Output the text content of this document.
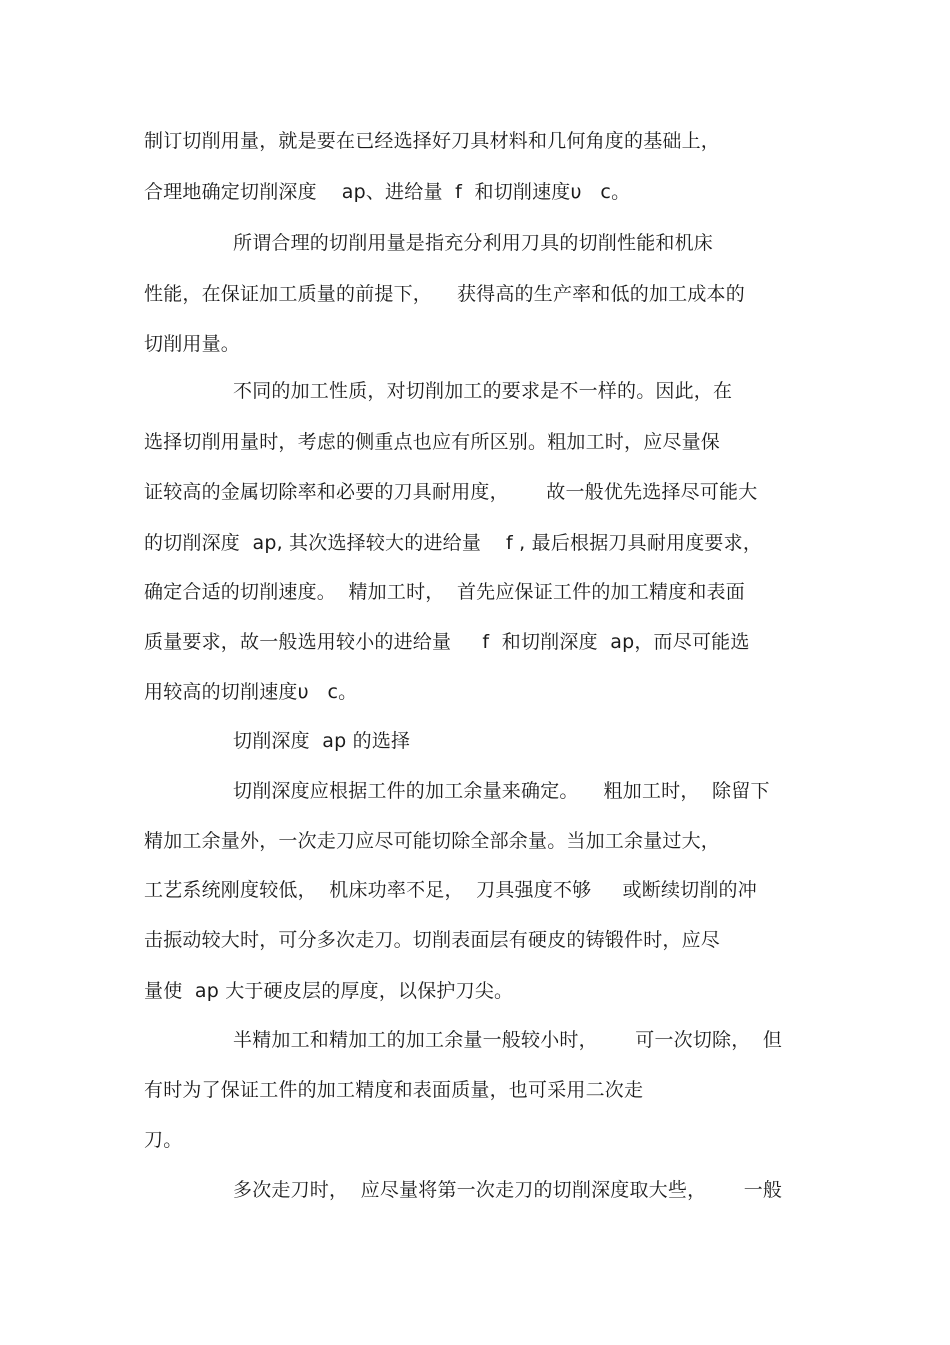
制订切削用量，就是要在已经选择好刀具材料和几何角度的基础上，
合理地确定切削深度    ap、进给量  f  和切削速度υ   c。
所谓合理的切削用量是指充分利用刀具的切削性能和机床
性能，在保证加工质量的前提下，    获得高的生产率和低的加工成本的
切削用量。
不同的加工性质，对切削加工的要求是不一样的。因此，在
选择切削用量时，考虑的侧重点也应有所区别。粗加工时，应尽量保
证较高的金属切除率和必要的刀具耐用度，      故一般优先选择尽可能大
的切削深度  ap, 其次选择较大的进给量    f , 最后根据刀具耐用度要求，
确定合适的切削速度。  精加工时，  首先应保证工件的加工精度和表面
质量要求，故一般选用较小的进给量     f  和切削深度  ap，而尽可能选
用较高的切削速度υ   c。
切削深度  ap 的选择
切削深度应根据工件的加工余量来确定。    粗加工时，  除留下
精加工余量外，一次走刀应尽可能切除全部余量。当加工余量过大，
工艺系统刚度较低，  机床功率不足，  刀具强度不够     或断续切削的冲
击振动较大时，可分多次走刀。切削表面层有硬皮的铸锻件时，应尽
量使  ap 大于硬皮层的厚度，以保护刀尖。
半精加工和精加工的加工余量一般较小时，      可一次切除，  但
有时为了保证工件的加工精度和表面质量，也可采用二次走
刀。
多次走刀时，  应尽量将第一次走刀的切削深度取大些，      一般
